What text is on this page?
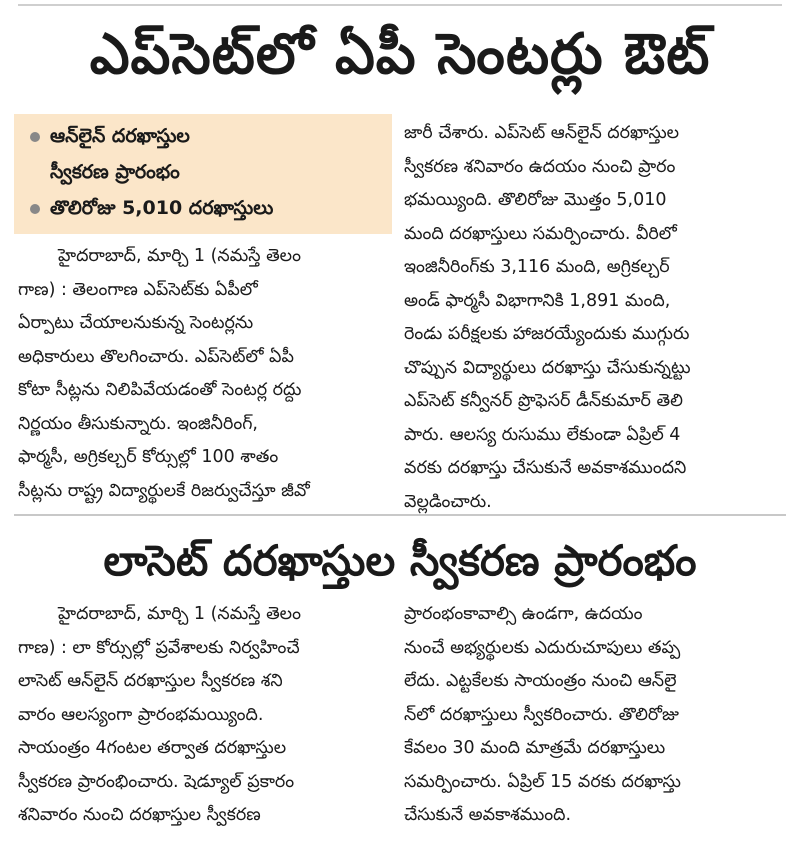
ఎప్‌సెట్‌లో ఏపీ సెంటర్లు ఔట్
ఆన్‌లైన్ దరఖాస్తుల
స్వీకరణ ప్రారంభం
తొలిరోజు 5,010 దరఖాస్తులు

హైదరాబాద్, మార్చి 1 (నమస్తే తెలం

గాణ) : తెలంగాణ ఎప్‌సెట్‌కు ఏపీలో

ఏర్పాటు చేయాలనుకున్న సెంటర్లను

అధికారులు తొలగించారు. ఎప్‌సెట్‌లో ఏపీ

కోటా సీట్లను నిలిపివేయడంతో సెంటర్ల రద్దు

నిర్ణయం తీసుకున్నారు. ఇంజినీరింగ్,

ఫార్మసీ, అగ్రికల్చర్ కోర్సుల్లో 100 శాతం

సీట్లను రాష్ట్ర విద్యార్థులకే రిజర్వుచేస్తూ జీవో

జారీ చేశారు. ఎప్‌సెట్ ఆన్‌లైన్ దరఖాస్తుల

స్వీకరణ శనివారం ఉదయం నుంచి ప్రారం

భమయ్యింది. తొలిరోజు మొత్తం 5,010

మంది దరఖాస్తులు సమర్పించారు. వీరిలో

ఇంజినీరింగ్‌కు 3,116 మంది, అగ్రికల్చర్

అండ్ ఫార్మసీ విభాగానికి 1,891 మంది,

రెండు పరీక్షలకు హాజరయ్యేందుకు ముగ్గురు

చొప్పున విద్యార్థులు దరఖాస్తు చేసుకున్నట్టు

ఎప్‌సెట్ కన్వీనర్ ప్రొఫెసర్ డీన్‌కుమార్ తెలి

పారు. ఆలస్య రుసుము లేకుండా ఏప్రిల్ 4

వరకు దరఖాస్తు చేసుకునే అవకాశముందని

వెల్లడించారు.

లాసెట్ దరఖాస్తుల స్వీకరణ ప్రారంభం

హైదరాబాద్, మార్చి 1 (నమస్తే తెలం

గాణ) : లా కోర్సుల్లో ప్రవేశాలకు నిర్వహించే

లాసెట్ ఆన్‌లైన్ దరఖాస్తుల స్వీకరణ శని

వారం ఆలస్యంగా ప్రారంభమయ్యింది.

సాయంత్రం 4గంటల తర్వాత దరఖాస్తుల

స్వీకరణ ప్రారంభించారు. షెడ్యూల్ ప్రకారం

శనివారం నుంచి దరఖాస్తుల స్వీకరణ

ప్రారంభంకావాల్సి ఉండగా, ఉదయం

నుంచే అభ్యర్థులకు ఎదురుచూపులు తప్ప

లేదు. ఎట్టకేలకు సాయంత్రం నుంచి ఆన్‌లై

న్‌లో దరఖాస్తులు స్వీకరించారు. తొలిరోజు

కేవలం 30 మంది మాత్రమే దరఖాస్తులు

సమర్పించారు. ఏప్రిల్ 15 వరకు దరఖాస్తు

చేసుకునే అవకాశముంది.
